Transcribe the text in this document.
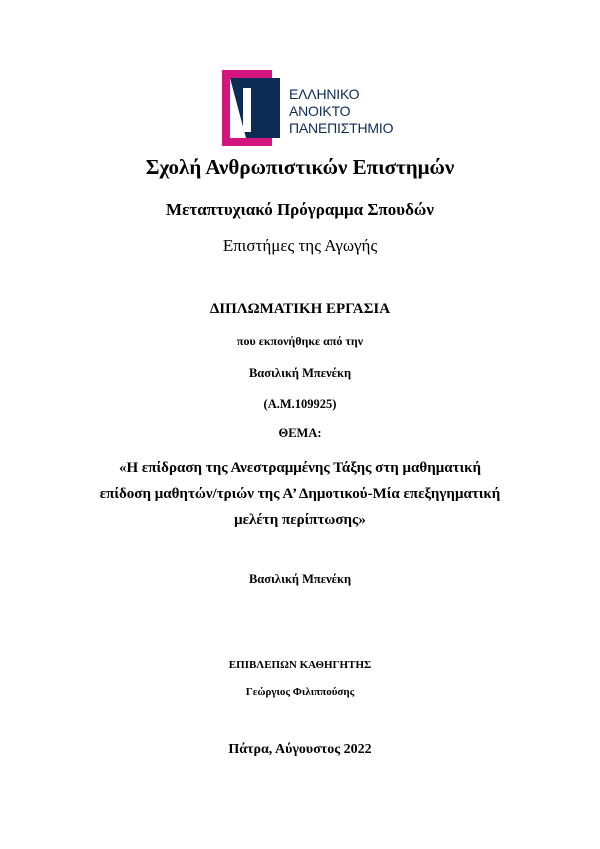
ΕΛΛΗΝΙΚΟ
ΑΝΟΙΚΤΟ
ΠΑΝΕΠΙΣΤΗΜΙΟ
Σχολή Ανθρωπιστικών Επιστημών
Μεταπτυχιακό Πρόγραμμα Σπουδών
Επιστήμες της Αγωγής
ΔΙΠΛΩΜΑΤΙΚΗ ΕΡΓΑΣΙΑ
που εκπονήθηκε από την
Βασιλική Μπενέκη
(Α.Μ.109925)
ΘΕΜΑ:
«Η επίδραση της Ανεστραμμένης Τάξης στη μαθηματική
επίδοση μαθητών/τριών της Α’ Δημοτικού-Μία επεξηγηματική
μελέτη περίπτωσης»
Βασιλική Μπενέκη
ΕΠΙΒΛΕΠΩΝ ΚΑΘΗΓΗΤΗΣ
Γεώργιος Φιλιππούσης
Πάτρα, Αύγουστος 2022
